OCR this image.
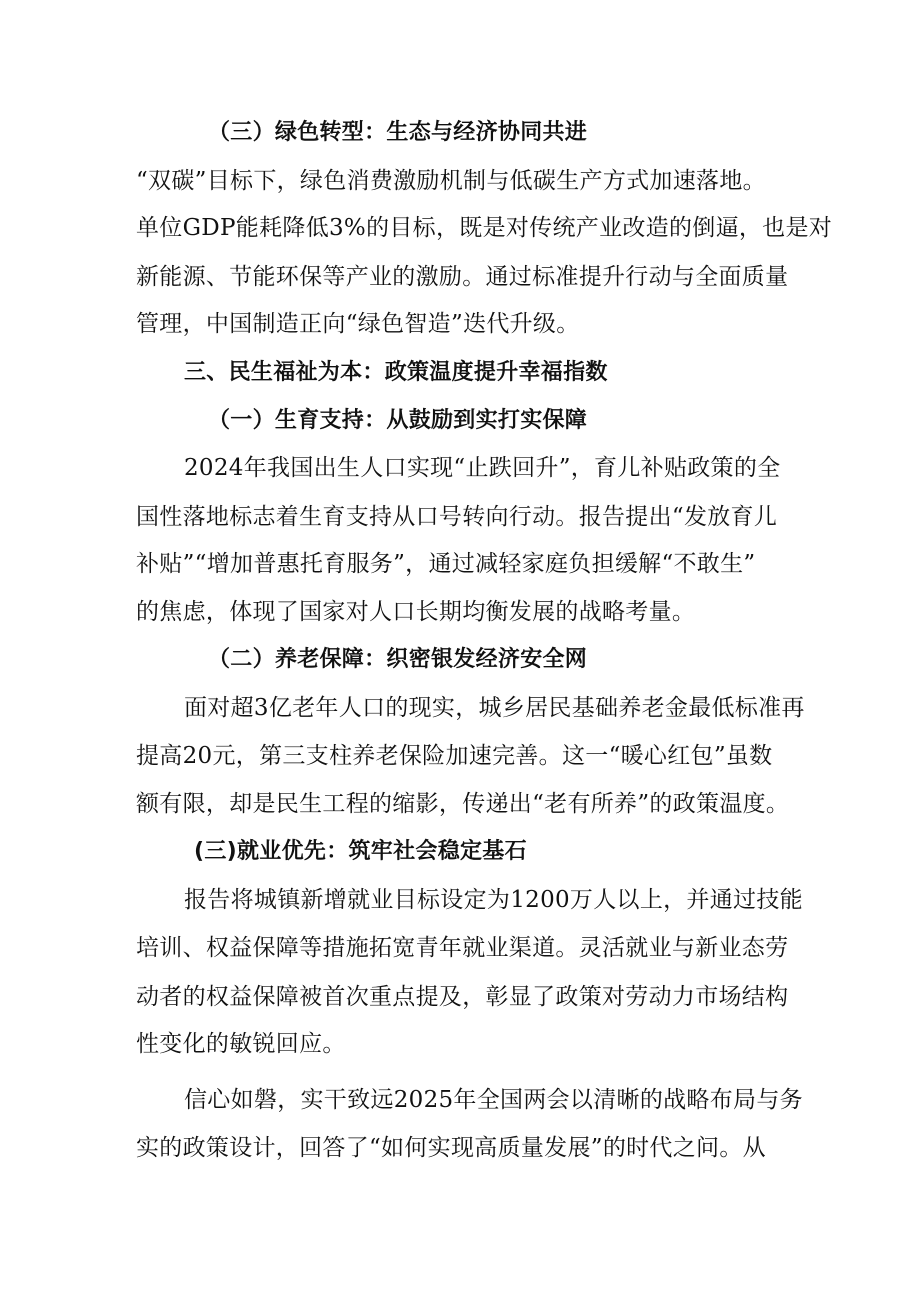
（三）绿色转型：生态与经济协同共进
“双碳”目标下，绿色消费激励机制与低碳生产方式加速落地。
单位GDP能耗降低3%的目标，既是对传统产业改造的倒逼，也是对
新能源、节能环保等产业的激励。通过标准提升行动与全面质量
管理，中国制造正向“绿色智造”迭代升级。
三、民生福祉为本：政策温度提升幸福指数
（一）生育支持：从鼓励到实打实保障
2024年我国出生人口实现“止跌回升”，育儿补贴政策的全
国性落地标志着生育支持从口号转向行动。报告提出“发放育儿
补贴”“增加普惠托育服务”，通过减轻家庭负担缓解“不敢生”
的焦虑，体现了国家对人口长期均衡发展的战略考量。
（二）养老保障：织密银发经济安全网
面对超3亿老年人口的现实，城乡居民基础养老金最低标准再
提高20元，第三支柱养老保险加速完善。这一“暖心红包”虽数
额有限，却是民生工程的缩影，传递出“老有所养”的政策温度。
(三)就业优先：筑牢社会稳定基石
报告将城镇新增就业目标设定为1200万人以上，并通过技能
培训、权益保障等措施拓宽青年就业渠道。灵活就业与新业态劳
动者的权益保障被首次重点提及，彰显了政策对劳动力市场结构
性变化的敏锐回应。
信心如磐，实干致远2025年全国两会以清晰的战略布局与务
实的政策设计，回答了“如何实现高质量发展”的时代之问。从
